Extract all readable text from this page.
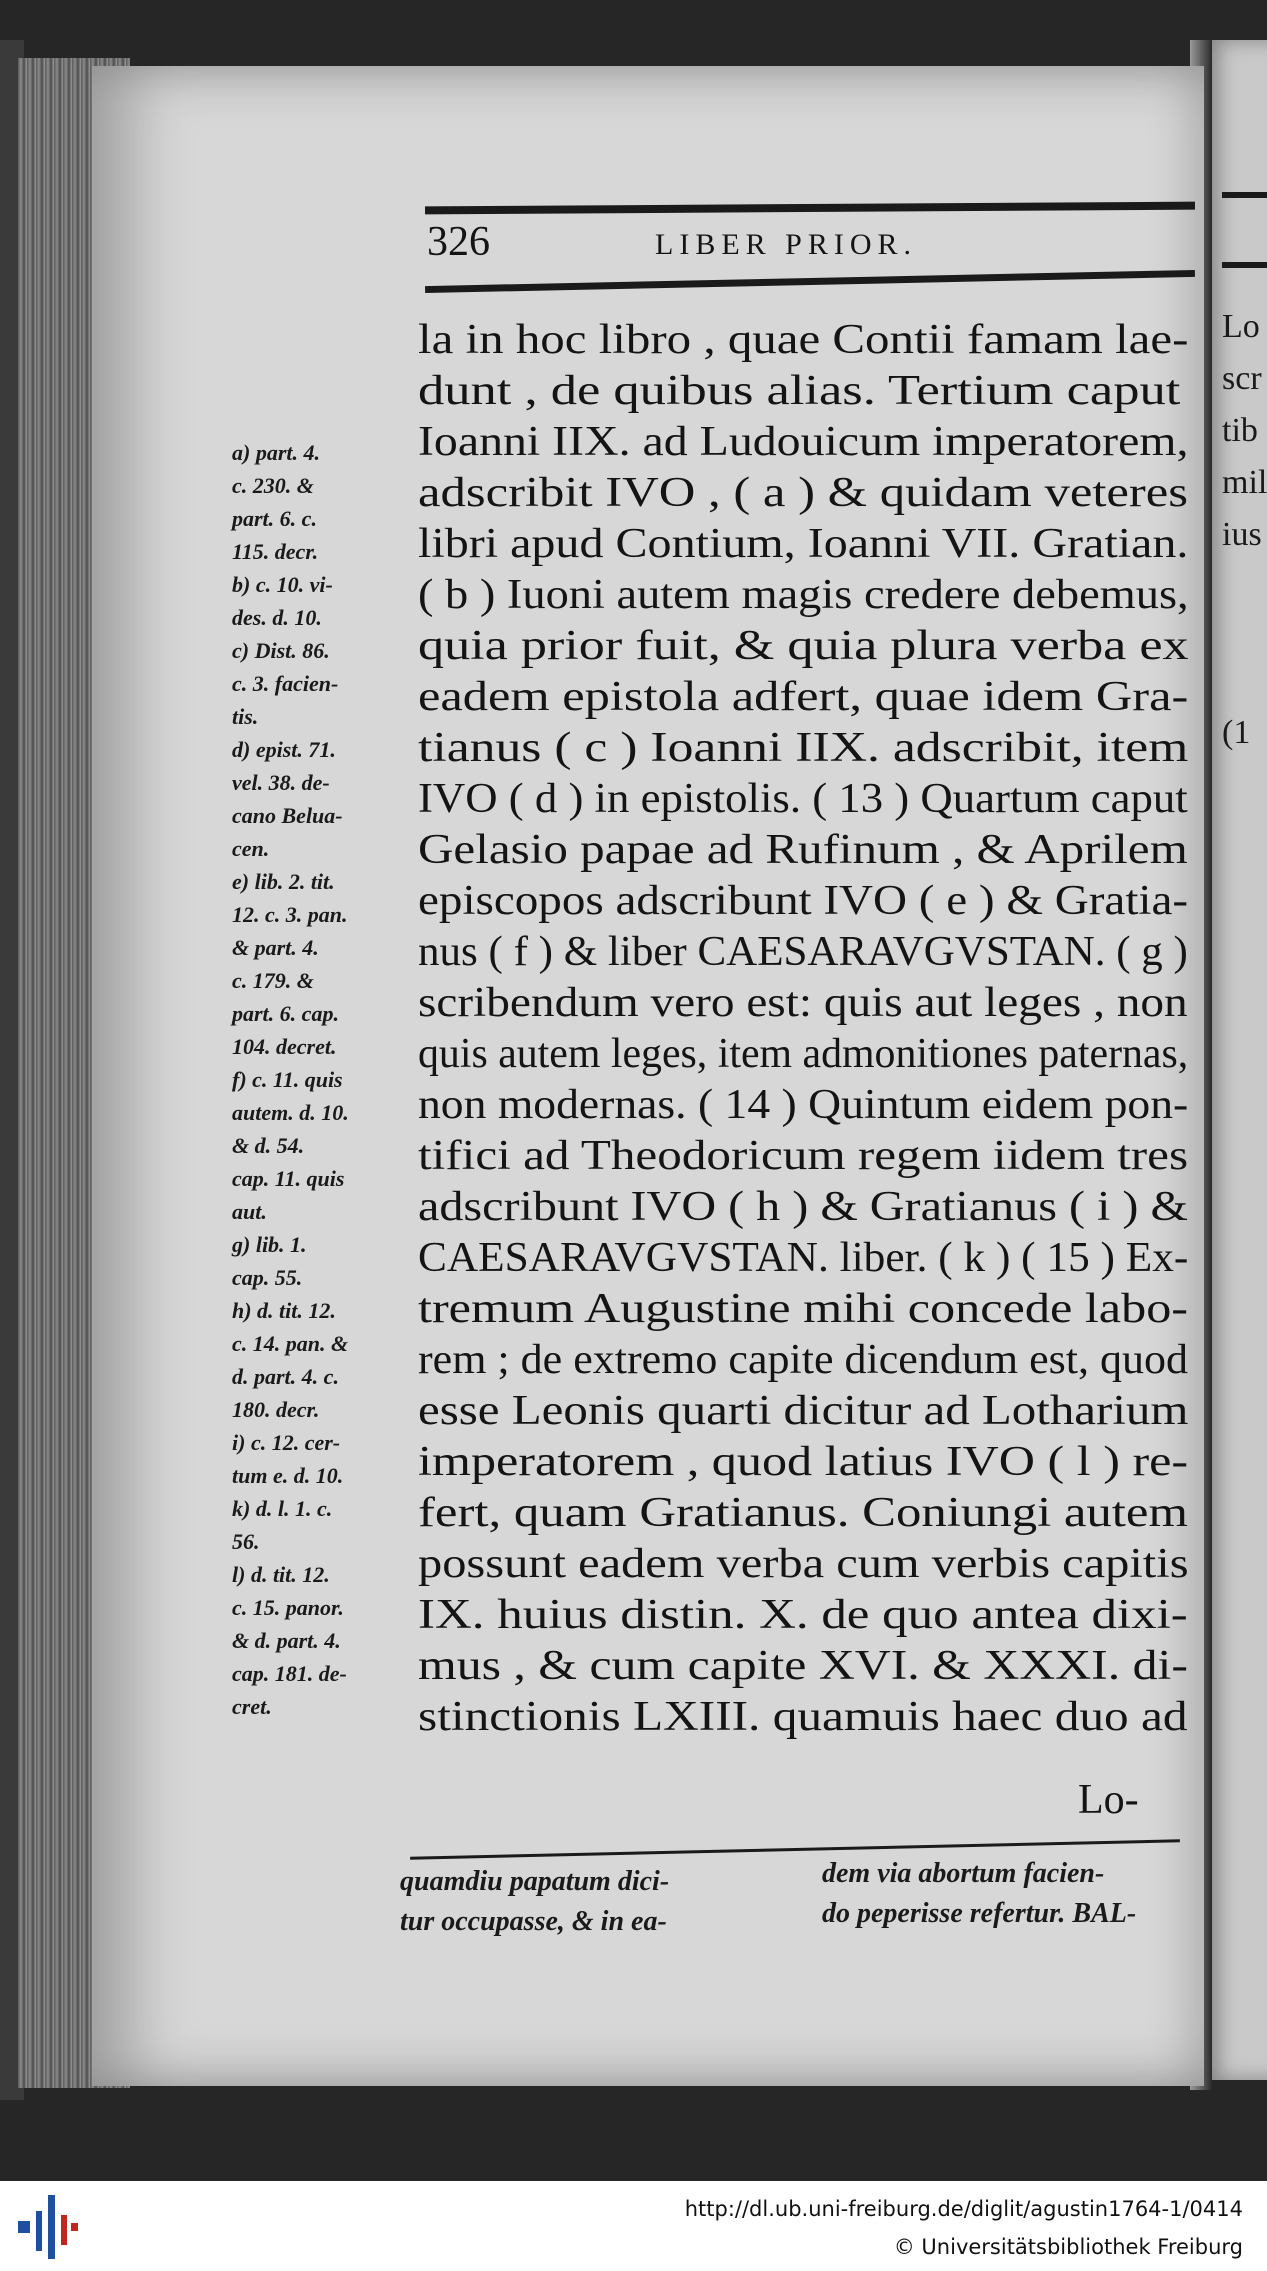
Lo
scr
tib
mil
ius
(1
326	LIBER PRIOR.
la in hoc libro , quae Contii famam lae-
dunt , de quibus alias. Tertium caput
Ioanni IIX. ad Ludouicum imperatorem,
adscribit IVO , ( a ) & quidam veteres
libri apud Contium, Ioanni VII. Gratian.
( b ) Iuoni autem magis credere debemus,
quia prior fuit, & quia plura verba ex
eadem epistola adfert, quae idem Gra-
tianus ( c ) Ioanni IIX. adscribit, item
IVO ( d ) in epistolis. ( 13 ) Quartum caput
Gelasio papae ad Rufinum , & Aprilem
episcopos adscribunt IVO ( e ) & Gratia-
nus ( f ) & liber CAESARAVGVSTAN. ( g )
scribendum vero est: quis aut leges , non
quis autem leges, item admonitiones paternas,
non modernas. ( 14 ) Quintum eidem pon-
tifici ad Theodoricum regem iidem tres
adscribunt IVO ( h ) & Gratianus ( i ) &
CAESARAVGVSTAN. liber. ( k ) ( 15 ) Ex-
tremum Augustine mihi concede labo-
rem ; de extremo capite dicendum est, quod
esse Leonis quarti dicitur ad Lotharium
imperatorem , quod latius IVO ( l ) re-
fert, quam Gratianus. Coniungi autem
possunt eadem verba cum verbis capitis
IX. huius distin. X. de quo antea dixi-
mus , & cum capite XVI. & XXXI. di-
stinctionis LXIII. quamuis haec duo ad
Lo-
a) part. 4.
c. 230. &
part. 6. c.
115. decr.
b) c. 10. vi-
des. d. 10.
c) Dist. 86.
c. 3. facien-
tis.
d) epist. 71.
vel. 38. de-
cano Belua-
cen.
e) lib. 2. tit.
12. c. 3. pan.
& part. 4.
c. 179. &
part. 6. cap.
104. decret.
f) c. 11. quis
autem. d. 10.
& d. 54.
cap. 11. quis
aut.
g) lib. 1.
cap. 55.
h) d. tit. 12.
c. 14. pan. &
d. part. 4. c.
180. decr.
i) c. 12. cer-
tum e. d. 10.
k) d. l. 1. c.
56.
l) d. tit. 12.
c. 15. panor.
& d. part. 4.
cap. 181. de-
cret.
quamdiu papatum dici-
tur occupasse, & in ea-
dem via abortum facien-
do peperisse refertur. BAL-
http://dl.ub.uni-freiburg.de/diglit/agustin1764-1/0414
© Universitätsbibliothek Freiburg
